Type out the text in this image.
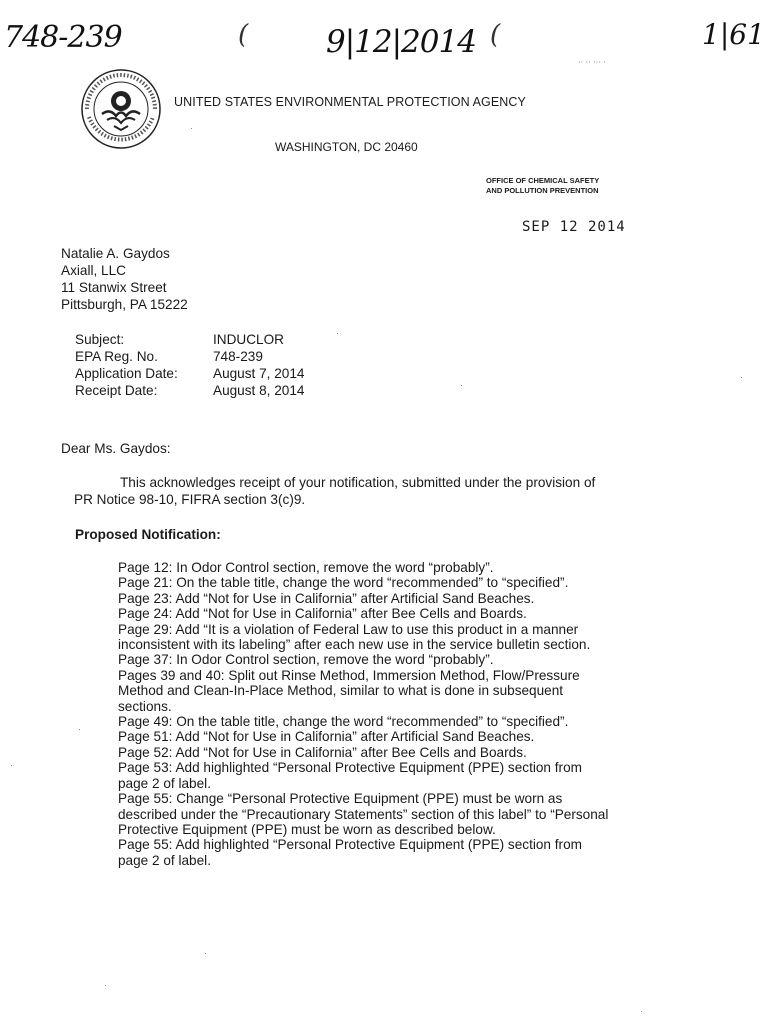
748-239	(	9|12|2014 (	1|61
·· ·· ··· ·
UNITED STATES ENVIRONMENTAL PROTECTION AGENCY
WASHINGTON, DC 20460
OFFICE OF CHEMICAL SAFETY
AND POLLUTION PREVENTION
SEP 12 2014
Natalie A. Gaydos
Axiall, LLC
11 Stanwix Street
Pittsburgh, PA 15222
Subject:	INDUCLOR
EPA Reg. No.	748-239
Application Date:	August 7, 2014
Receipt Date:	August 8, 2014
Dear Ms. Gaydos:
This acknowledges receipt of your notification, submitted under the provision of
PR Notice 98-10, FIFRA section 3(c)9.
Proposed Notification:
Page 12: In Odor Control section, remove the word “probably”.
Page 21: On the table title, change the word “recommended” to “specified”.
Page 23: Add “Not for Use in California” after Artificial Sand Beaches.
Page 24: Add “Not for Use in California” after Bee Cells and Boards.
Page 29: Add “It is a violation of Federal Law to use this product in a manner
inconsistent with its labeling” after each new use in the service bulletin section.
Page 37: In Odor Control section, remove the word “probably”.
Pages 39 and 40: Split out Rinse Method, Immersion Method, Flow/Pressure
Method and Clean-In-Place Method, similar to what is done in subsequent
sections.
Page 49: On the table title, change the word “recommended” to “specified”.
Page 51: Add “Not for Use in California” after Artificial Sand Beaches.
Page 52: Add “Not for Use in California” after Bee Cells and Boards.
Page 53: Add highlighted “Personal Protective Equipment (PPE) section from
page 2 of label.
Page 55: Change “Personal Protective Equipment (PPE) must be worn as
described under the “Precautionary Statements” section of this label” to “Personal
Protective Equipment (PPE) must be worn as described below.
Page 55: Add highlighted “Personal Protective Equipment (PPE) section from
page 2 of label.
·
·
·
·
·
·
·
·
·
